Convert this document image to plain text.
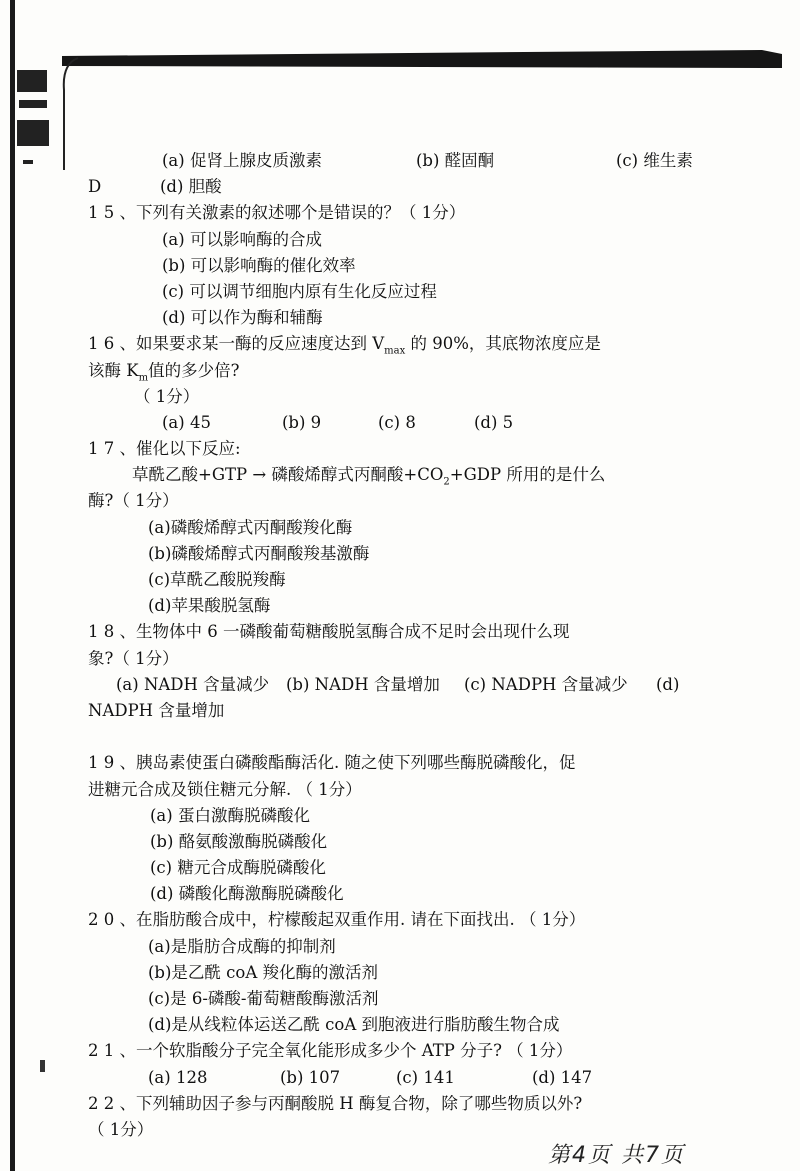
(a) 促肾上腺皮质激素	(b) 醛固酮	(c) 维生素
D	(d) 胆酸
1 5 、下列有关激素的叙述哪个是错误的？（ 1分）
(a) 可以影响酶的合成
(b) 可以影响酶的催化效率
(c) 可以调节细胞内原有生化反应过程
(d) 可以作为酶和辅酶
1 6 、如果要求某一酶的反应速度达到 $V_{max}$ 的 90%，其底物浓度应是
该酶 $K_m$值的多少倍?
（ 1分）
(a) 45	(b) 9	(c) 8	(d) 5
1 7 、催化以下反应:
草酰乙酸+GTP → 磷酸烯醇式丙酮酸$+CO_2+GDP$ 所用的是什么
酶?（ 1分）
(a)磷酸烯醇式丙酮酸羧化酶
(b)磷酸烯醇式丙酮酸羧基激酶
(c)草酰乙酸脱羧酶
(d)苹果酸脱氢酶
1 8 、生物体中 6 一磷酸葡萄糖酸脱氢酶合成不足时会出现什么现
象?（ 1分）
(a) NADH 含量减少	(b) NADH 含量增加	(c) NADPH 含量减少	(d)
NADPH 含量增加
1 9 、胰岛素使蛋白磷酸酯酶活化. 随之使下列哪些酶脱磷酸化，促
进糖元合成及锁住糖元分解. （ 1分）
(a) 蛋白激酶脱磷酸化
(b) 酪氨酸激酶脱磷酸化
(c) 糖元合成酶脱磷酸化
(d) 磷酸化酶激酶脱磷酸化
2 0 、在脂肪酸合成中，柠檬酸起双重作用. 请在下面找出. （ 1分）
(a)是脂肪合成酶的抑制剂
(b)是乙酰 coA 羧化酶的激活剂
(c)是 6-磷酸-葡萄糖酸酶激活剂
(d)是从线粒体运送乙酰 coA 到胞液进行脂肪酸生物合成
2 1 、一个软脂酸分子完全氧化能形成多少个 ATP 分子? （ 1分）
(a) 128	(b) 107	(c) 141	(d) 147
2 2 、下列辅助因子参与丙酮酸脱 H 酶复合物，除了哪些物质以外?
（ 1分）
第4页 共7页
